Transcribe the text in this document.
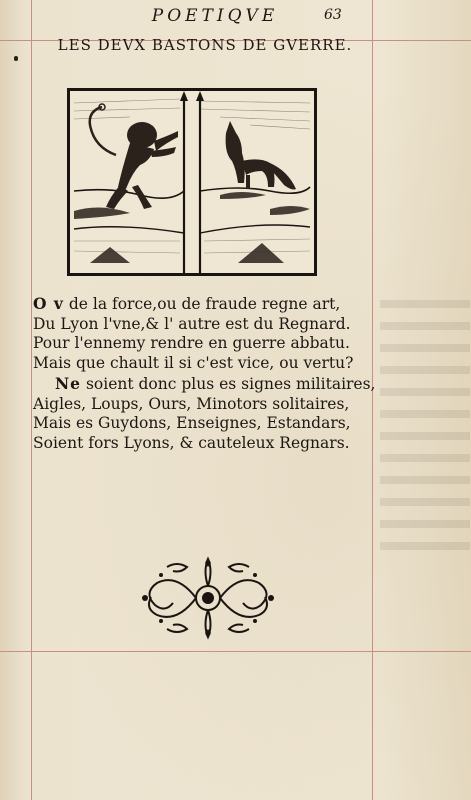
POETIQVE	63
LES DEVX BASTONS DE GVERRE.
O v de la force,ou de fraude regne art,
Du Lyon l'vne,& l' autre est du Regnard.
Pour l'ennemy rendre en guerre abbatu.
Mais que chault il si c'est vice, ou vertu?
Ne soient donc plus es signes militaires,
Aigles, Loups, Ours, Minotors solitaires,
Mais es Guydons, Enseignes, Estandars,
Soient fors Lyons, & cauteleux Regnars.
